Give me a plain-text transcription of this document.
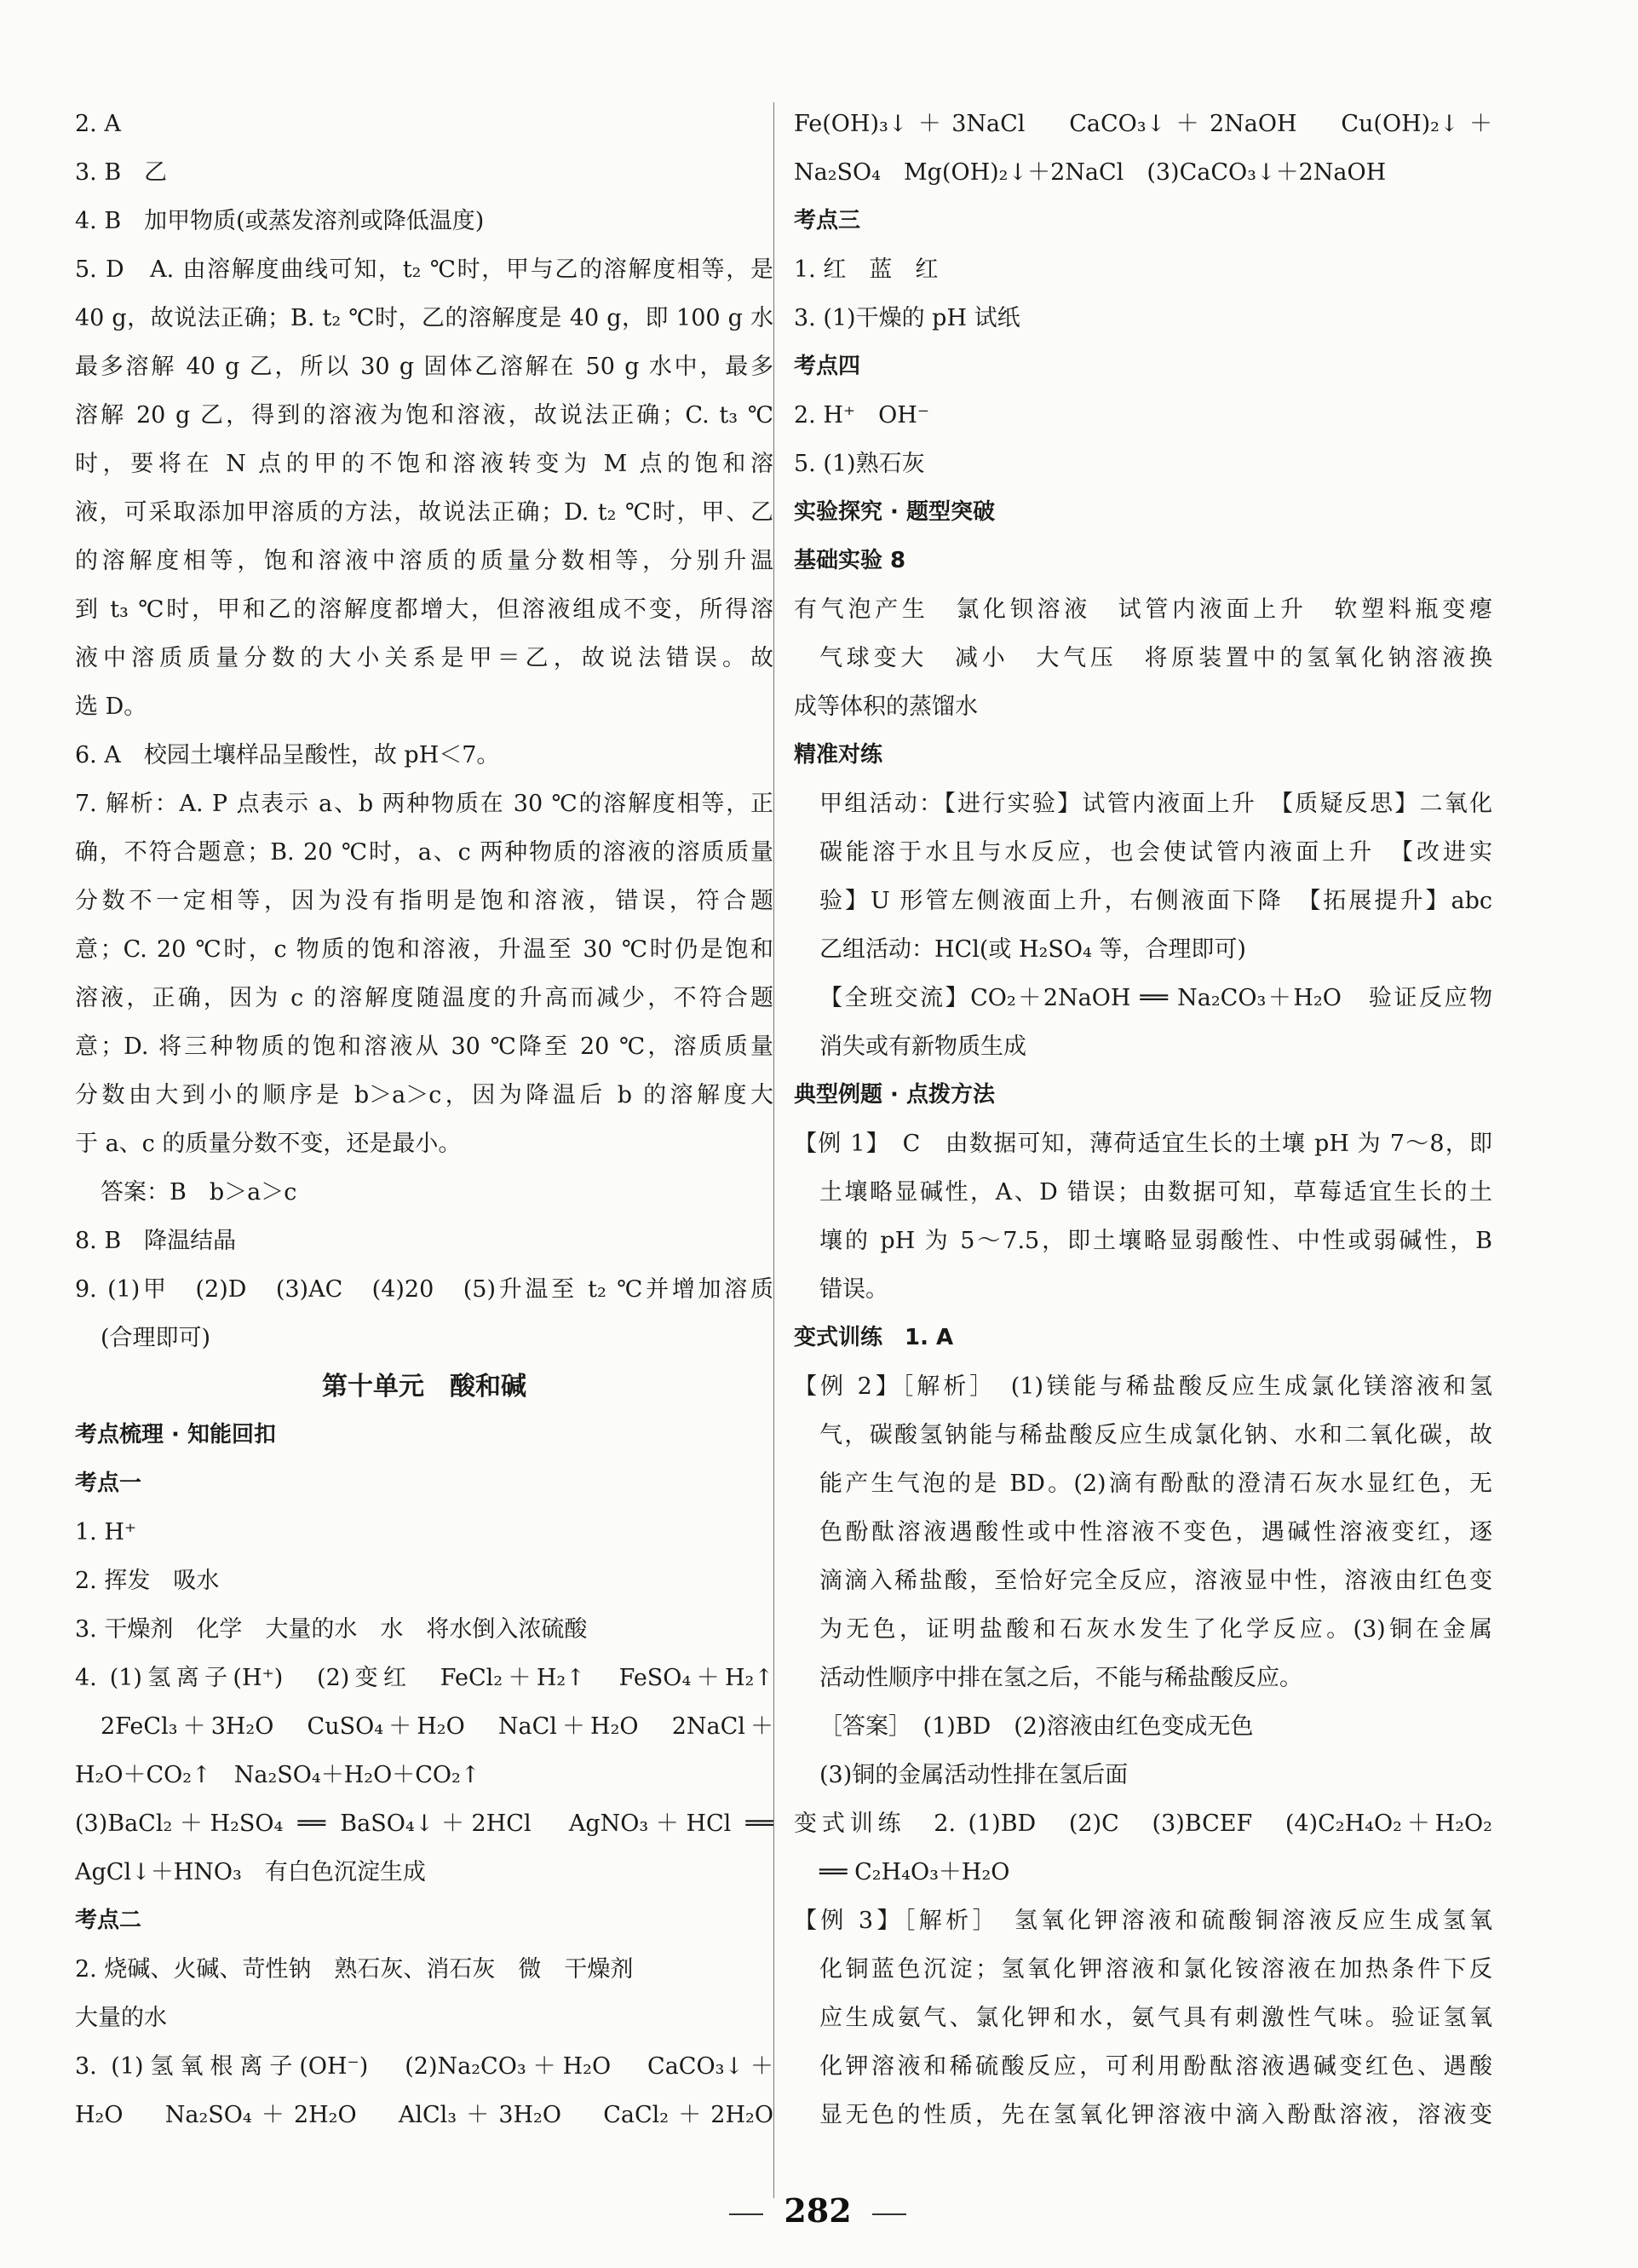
2. A
3. B　乙
4. B　加甲物质(或蒸发溶剂或降低温度)
5. D　A. 由溶解度曲线可知，t₂ ℃时，甲与乙的溶解度相等，是
40 g，故说法正确；B. t₂ ℃时，乙的溶解度是 40 g，即 100 g 水
最多溶解 40 g 乙，所以 30 g 固体乙溶解在 50 g 水中，最多
溶解 20 g 乙，得到的溶液为饱和溶液，故说法正确；C. t₃ ℃
时，要将在 N 点的甲的不饱和溶液转变为 M 点的饱和溶
液，可采取添加甲溶质的方法，故说法正确；D. t₂ ℃时，甲、乙
的溶解度相等，饱和溶液中溶质的质量分数相等，分别升温
到 t₃ ℃时，甲和乙的溶解度都增大，但溶液组成不变，所得溶
液中溶质质量分数的大小关系是甲＝乙，故说法错误。故
选 D。
6. A　校园土壤样品呈酸性，故 pH＜7。
7. 解析：A. P 点表示 a、b 两种物质在 30 ℃的溶解度相等，正
确，不符合题意；B. 20 ℃时，a、c 两种物质的溶液的溶质质量
分数不一定相等，因为没有指明是饱和溶液，错误，符合题
意；C. 20 ℃时，c 物质的饱和溶液，升温至 30 ℃时仍是饱和
溶液，正确，因为 c 的溶解度随温度的升高而减少，不符合题
意；D. 将三种物质的饱和溶液从 30 ℃降至 20 ℃，溶质质量
分数由大到小的顺序是 b＞a＞c，因为降温后 b 的溶解度大
于 a、c 的质量分数不变，还是最小。
答案：B　b＞a＞c
8. B　降温结晶
9. (1)甲　(2)D　(3)AC　(4)20　(5)升温至 t₂ ℃并增加溶质
(合理即可)
第十单元　酸和碱
考点梳理 · 知能回扣
考点一
1. H⁺
2. 挥发　吸水
3. 干燥剂　化学　大量的水　水　将水倒入浓硫酸
4. (1)氢离子(H⁺)　(2)变红　FeCl₂＋H₂↑　FeSO₄＋H₂↑
2FeCl₃＋3H₂O　CuSO₄＋H₂O　NaCl＋H₂O　2NaCl＋
H₂O＋CO₂↑　Na₂SO₄＋H₂O＋CO₂↑
(3)BaCl₂＋H₂SO₄ ══ BaSO₄↓＋2HCl　AgNO₃＋HCl ══
AgCl↓＋HNO₃　有白色沉淀生成
考点二
2. 烧碱、火碱、苛性钠　熟石灰、消石灰　微　干燥剂
大量的水
3. (1)氢氧根离子(OH⁻)　(2)Na₂CO₃＋H₂O　CaCO₃↓＋
H₂O　Na₂SO₄＋2H₂O　AlCl₃＋3H₂O　CaCl₂＋2H₂O
Fe(OH)₃↓＋3NaCl　CaCO₃↓＋2NaOH　Cu(OH)₂↓＋
Na₂SO₄　Mg(OH)₂↓＋2NaCl　(3)CaCO₃↓＋2NaOH
考点三
1. 红　蓝　红
3. (1)干燥的 pH 试纸
考点四
2. H⁺　OH⁻
5. (1)熟石灰
实验探究 · 题型突破
基础实验 8
有气泡产生　氯化钡溶液　试管内液面上升　软塑料瓶变瘪
气球变大　减小　大气压　将原装置中的氢氧化钠溶液换
成等体积的蒸馏水
精准对练
甲组活动：【进行实验】试管内液面上升　【质疑反思】二氧化
碳能溶于水且与水反应，也会使试管内液面上升　【改进实
验】U 形管左侧液面上升，右侧液面下降　【拓展提升】abc
乙组活动：HCl(或 H₂SO₄ 等，合理即可)
【全班交流】CO₂＋2NaOH ══ Na₂CO₃＋H₂O　验证反应物
消失或有新物质生成
典型例题 · 点拨方法
【例 1】　C　由数据可知，薄荷适宜生长的土壤 pH 为 7～8，即
土壤略显碱性，A、D 错误；由数据可知，草莓适宜生长的土
壤的 pH 为 5～7.5，即土壤略显弱酸性、中性或弱碱性，B
错误。
变式训练　1. A
【例 2】［解析］　(1)镁能与稀盐酸反应生成氯化镁溶液和氢
气，碳酸氢钠能与稀盐酸反应生成氯化钠、水和二氧化碳，故
能产生气泡的是 BD。(2)滴有酚酞的澄清石灰水显红色，无
色酚酞溶液遇酸性或中性溶液不变色，遇碱性溶液变红，逐
滴滴入稀盐酸，至恰好完全反应，溶液显中性，溶液由红色变
为无色，证明盐酸和石灰水发生了化学反应。(3)铜在金属
活动性顺序中排在氢之后，不能与稀盐酸反应。
［答案］　(1)BD　(2)溶液由红色变成无色
(3)铜的金属活动性排在氢后面
变式训练　2. (1)BD　(2)C　(3)BCEF　(4)C₂H₄O₂＋H₂O₂
══ C₂H₄O₃＋H₂O
【例 3】［解析］　氢氧化钾溶液和硫酸铜溶液反应生成氢氧
化铜蓝色沉淀；氢氧化钾溶液和氯化铵溶液在加热条件下反
应生成氨气、氯化钾和水，氨气具有刺激性气味。验证氢氧
化钾溶液和稀硫酸反应，可利用酚酞溶液遇碱变红色、遇酸
显无色的性质，先在氢氧化钾溶液中滴入酚酞溶液，溶液变
282
